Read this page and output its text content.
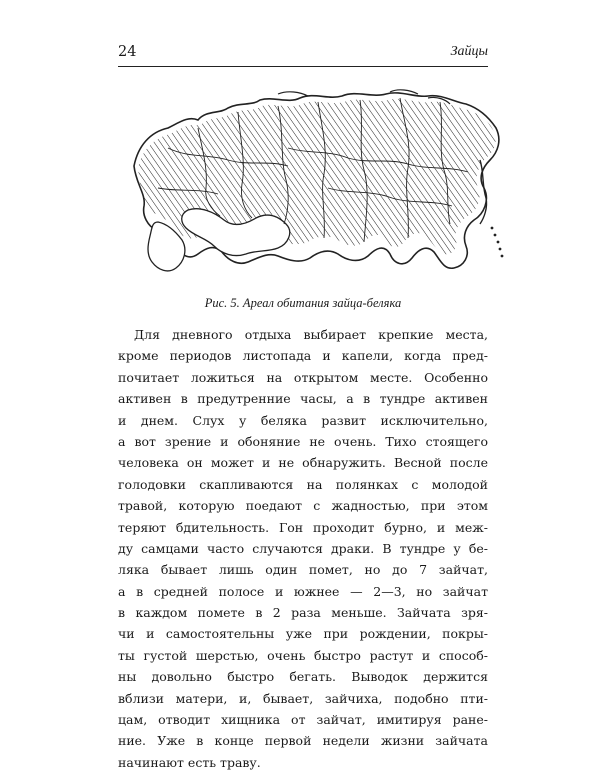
24	Зайцы
Рис. 5. Ареал обитания зайца-беляка
Для дневного отдыха выбирает крепкие места,
кроме периодов листопада и капели, когда пред-
почитает ложиться на открытом месте. Особенно
активен в предутренние часы, а в тундре активен
и днем. Слух у беляка развит исключительно,
а вот зрение и обоняние не очень. Тихо стоящего
человека он может и не обнаружить. Весной после
голодовки скапливаются на полянках с молодой
травой, которую поедают с жадностью, при этом
теряют бдительность. Гон проходит бурно, и меж-
ду самцами часто случаются драки. В тундре у бе-
ляка бывает лишь один помет, но до 7 зайчат,
а в средней полосе и южнее — 2—3, но зайчат
в каждом помете в 2 раза меньше. Зайчата зря-
чи и самостоятельны уже при рождении, покры-
ты густой шерстью, очень быстро растут и способ-
ны довольно быстро бегать. Выводок держится
вблизи матери, и, бывает, зайчиха, подобно пти-
цам, отводит хищника от зайчат, имитируя ране-
ние. Уже в конце первой недели жизни зайчата
начинают есть траву.
